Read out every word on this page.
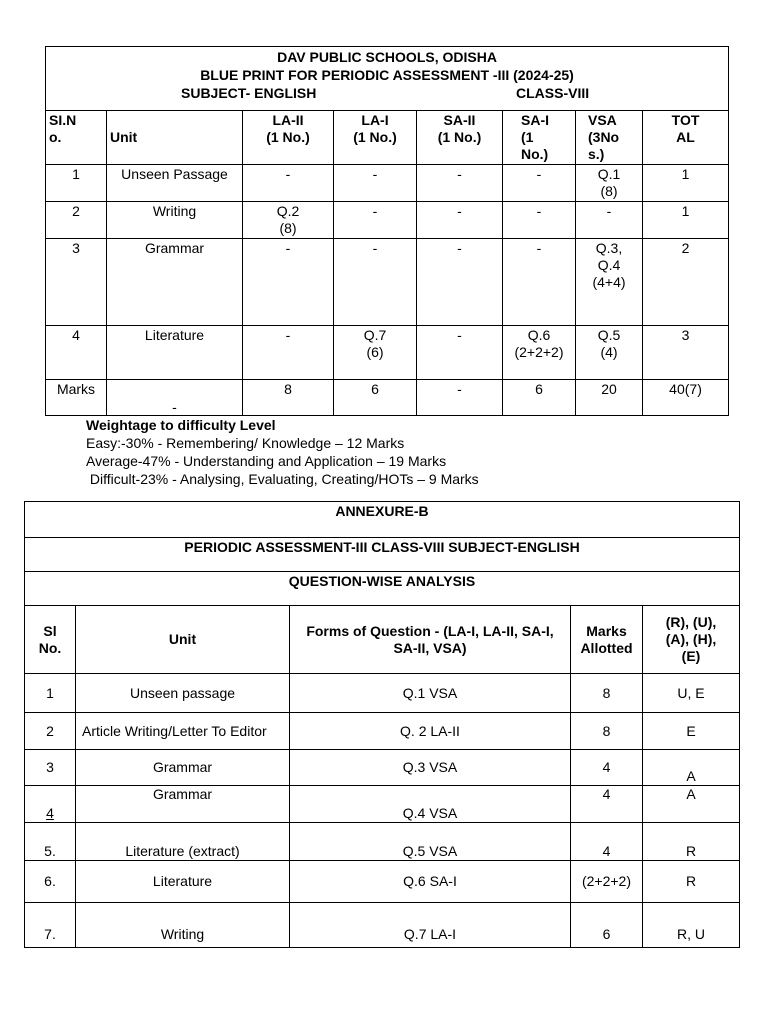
DAV PUBLIC SCHOOLS, ODISHA
BLUE PRINT FOR PERIODIC ASSESSMENT -III (2024-25)
SUBJECT- ENGLISH CLASS-VIII							

SI.N
o.	Unit	LA-II
(1 No.)	LA-I
(1 No.)	SA-II
(1 No.)	SA-I
(1
No.)	VSA
(3No
s.)	TOT
AL

1	Unseen Passage	-	-	-	-	Q.1
(8)	1
2	Writing	Q.2
(8)	-	-	-	-	1
3	Grammar	-	-	-	-	Q.3,
Q.4
(4+4)	2
4	Literature	-	Q.7
(6)	-	Q.6
(2+2+2)	Q.5
(4)	3
Marks	-	8	6	-	6	20	40(7)
Weightage to difficulty Level
Easy:-30% - Remembering/ Knowledge – 12 Marks
Average-47% - Understanding and Application – 19 Marks
Difficult-23% - Analysing, Evaluating, Creating/HOTs – 9 Marks
ANNEXURE-B				
PERIODIC ASSESSMENT-III CLASS-VIII SUBJECT-ENGLISH				
QUESTION-WISE ANALYSIS				

Sl
No.	Unit	Forms of Question - (LA-I, LA-II, SA-I, SA-II, VSA)	Marks
Allotted	(R), (U),
(A), (H),
(E)

1	Unseen passage	Q.1 VSA	8	U, E
2	Article Writing/Letter To Editor	Q. 2 LA-II	8	E
3	Grammar	Q.3 VSA	4	A
4	Grammar	Q.4 VSA	4	A
5.	Literature (extract)	Q.5 VSA	4	R
6.	Literature	Q.6 SA-I	(2+2+2)	R
7.	Writing	Q.7 LA-I	6	R, U
